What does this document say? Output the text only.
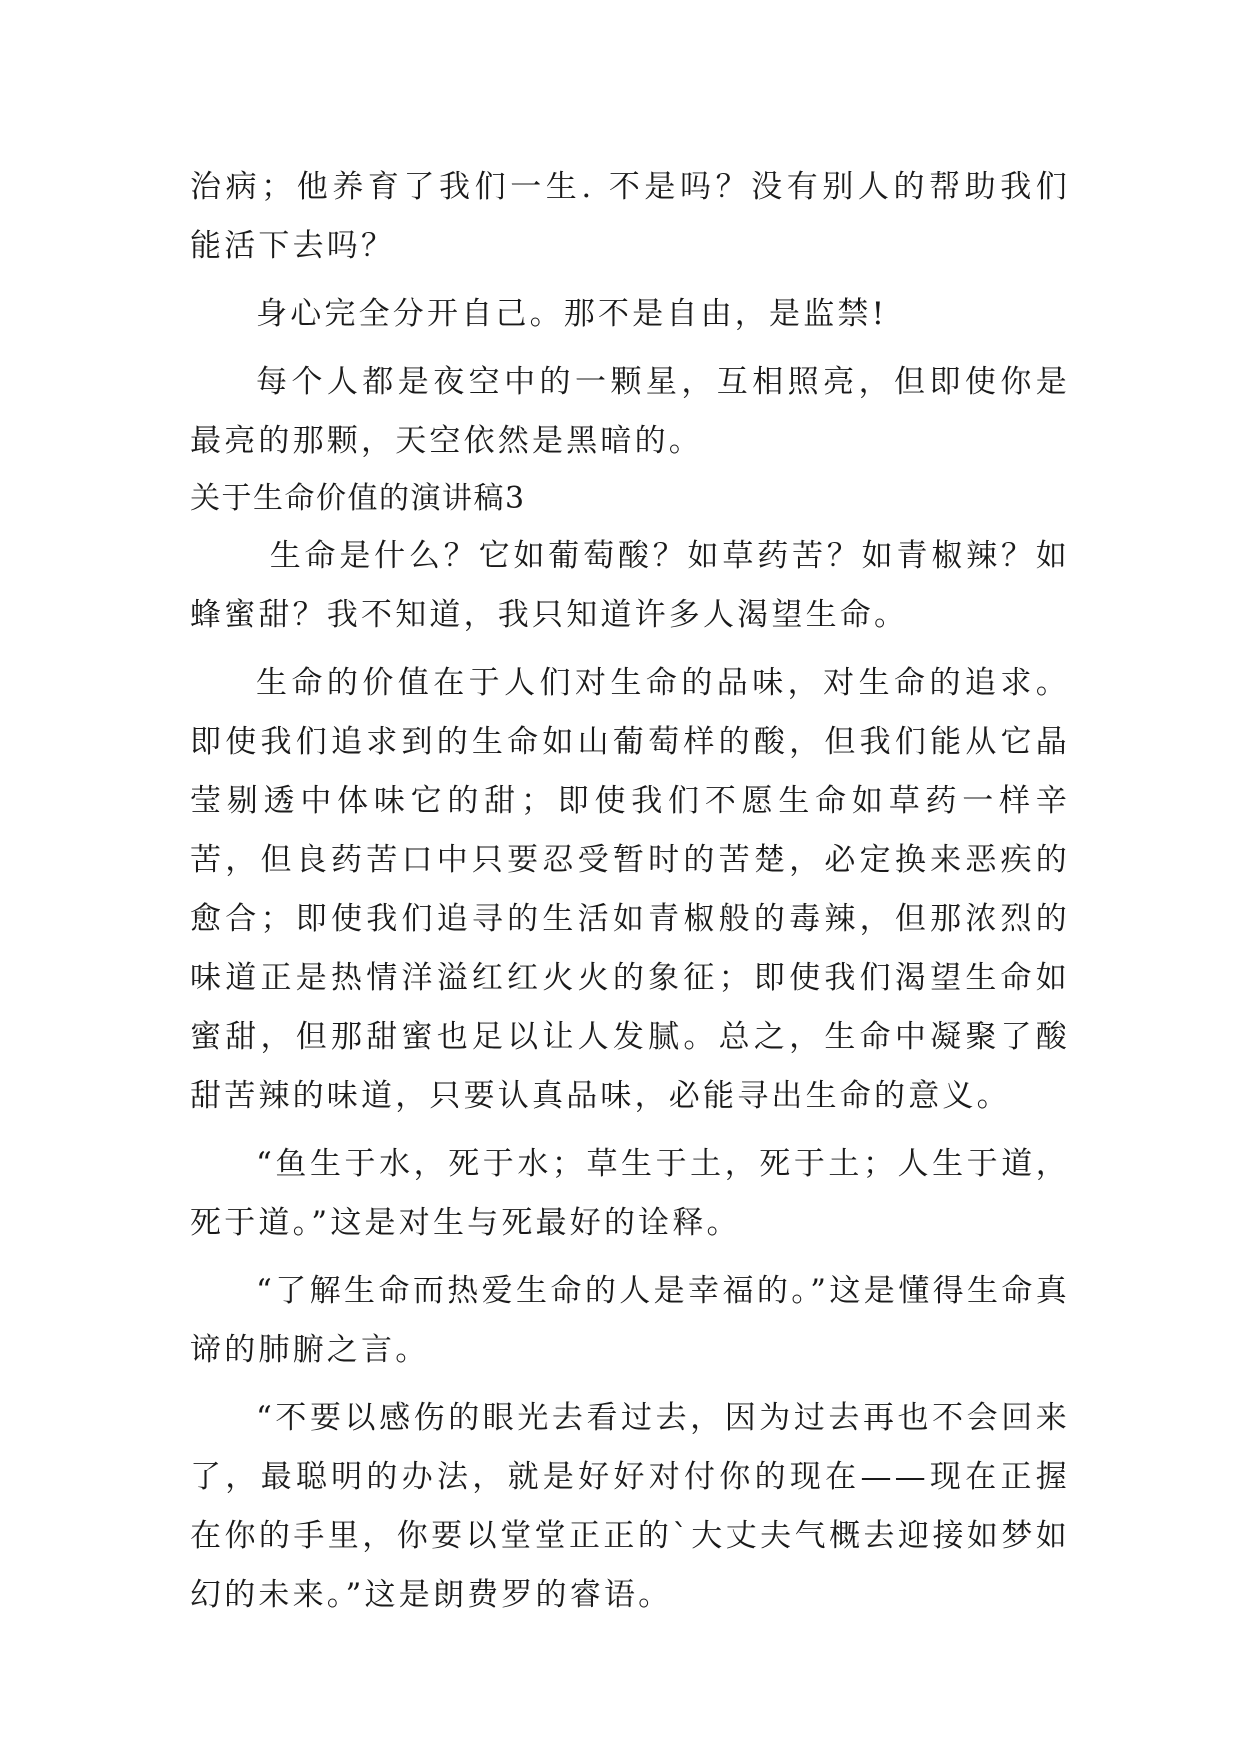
治病；他养育了我们一生. 不是吗？没有别人的帮助我们能活下去吗？

身心完全分开自己。那不是自由，是监禁!

每个人都是夜空中的一颗星，互相照亮，但即使你是最亮的那颗，天空依然是黑暗的。

关于生命价值的演讲稿3

生命是什么？它如葡萄酸？如草药苦？如青椒辣？如蜂蜜甜？我不知道，我只知道许多人渴望生命。

生命的价值在于人们对生命的品味，对生命的追求。即使我们追求到的生命如山葡萄样的酸，但我们能从它晶莹剔透中体味它的甜；即使我们不愿生命如草药一样辛苦，但良药苦口中只要忍受暂时的苦楚，必定换来恶疾的愈合；即使我们追寻的生活如青椒般的毒辣，但那浓烈的味道正是热情洋溢红红火火的象征；即使我们渴望生命如蜜甜，但那甜蜜也足以让人发腻。总之，生命中凝聚了酸甜苦辣的味道，只要认真品味，必能寻出生命的意义。

“鱼生于水，死于水；草生于土，死于土；人生于道，死于道。”这是对生与死最好的诠释。

“了解生命而热爱生命的人是幸福的。”这是懂得生命真谛的肺腑之言。

“不要以感伤的眼光去看过去，因为过去再也不会回来了，最聪明的办法，就是好好对付你的现在——现在正握在你的手里，你要以堂堂正正的`大丈夫气概去迎接如梦如幻的未来。”这是朗费罗的睿语。
